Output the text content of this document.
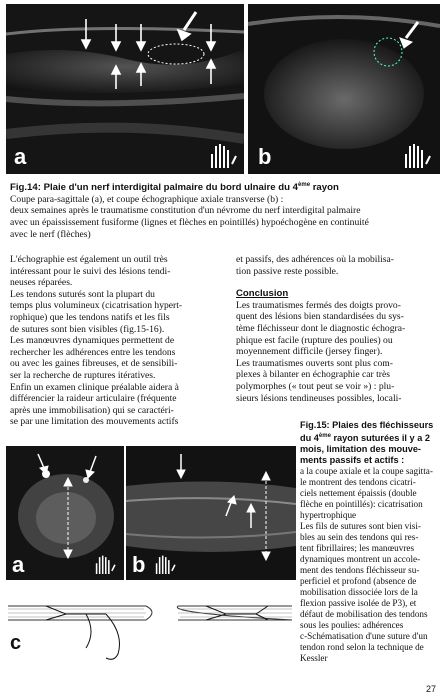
a	b
Fig.14: Plaie d'un nerf interdigital palmaire du bord ulnaire du 4ème rayon
Coupe para-sagittale (a), et coupe échographique axiale transverse (b) :
deux semaines après le traumatisme constitution d'un névrome du nerf interdigital palmaire
avec un épaississement fusiforme (lignes et flèches en pointillés) hypoéchogène en continuité
avec le nerf (flèches)

L'échographie est également un outil très

intéressant pour le suivi des lésions tendi-

neuses réparées.

Les tendons suturés sont la plupart du

temps plus volumineux (cicatrisation hypert-

rophique) que les tendons natifs et les fils

de sutures sont bien visibles (fig.15-16).

Les manœuvres dynamiques permettent de

rechercher les adhérences entre les tendons

ou avec les gaines fibreuses, et de sensibili-

ser la recherche de ruptures itératives.

Enfin un examen clinique préalable aidera à

différencier la raideur articulaire (fréquente

après une immobilisation) qui se caractéri-

se par une limitation des mouvements actifs

et passifs, des adhérences où la mobilisa-

tion passive reste possible.

Conclusion

Les traumatismes fermés des doigts provo-

quent des lésions bien standardisées du sys-

tème fléchisseur dont le diagnostic échogra-

phique est facile (rupture des poulies) ou

moyennement difficile (jersey finger).

Les traumatismes ouverts sont plus com-

plexes à bilanter en échographie car très

polymorphes (« tout peut se voir ») : plu-

sieurs lésions tendineuses possibles, locali-

a	b
c
Fig.15: Plaies des fléchisseurs
du 4ème rayon suturées il y a 2
mois, limitation des mouve-
ments passifs et actifs :
a la coupe axiale et la coupe sagitta-
le montrent des tendons cicatri-
ciels nettement épaissis (double
flèche en pointillés): cicatrisation
hypertrophique
Les fils de sutures sont bien visi-
bles au sein des tendons qui res-
tent fibrillaires; les manœuvres
dynamiques montrent un accole-
ment des tendons fléchisseur su-
perficiel et profond (absence de
mobilisation dissociée lors de la
flexion passive isolée de P3), et
défaut de mobilisation des tendons
sous les poulies: adhérences
c-Schématisation d'une suture d'un
tendon rond selon la technique de
Kessler
27
